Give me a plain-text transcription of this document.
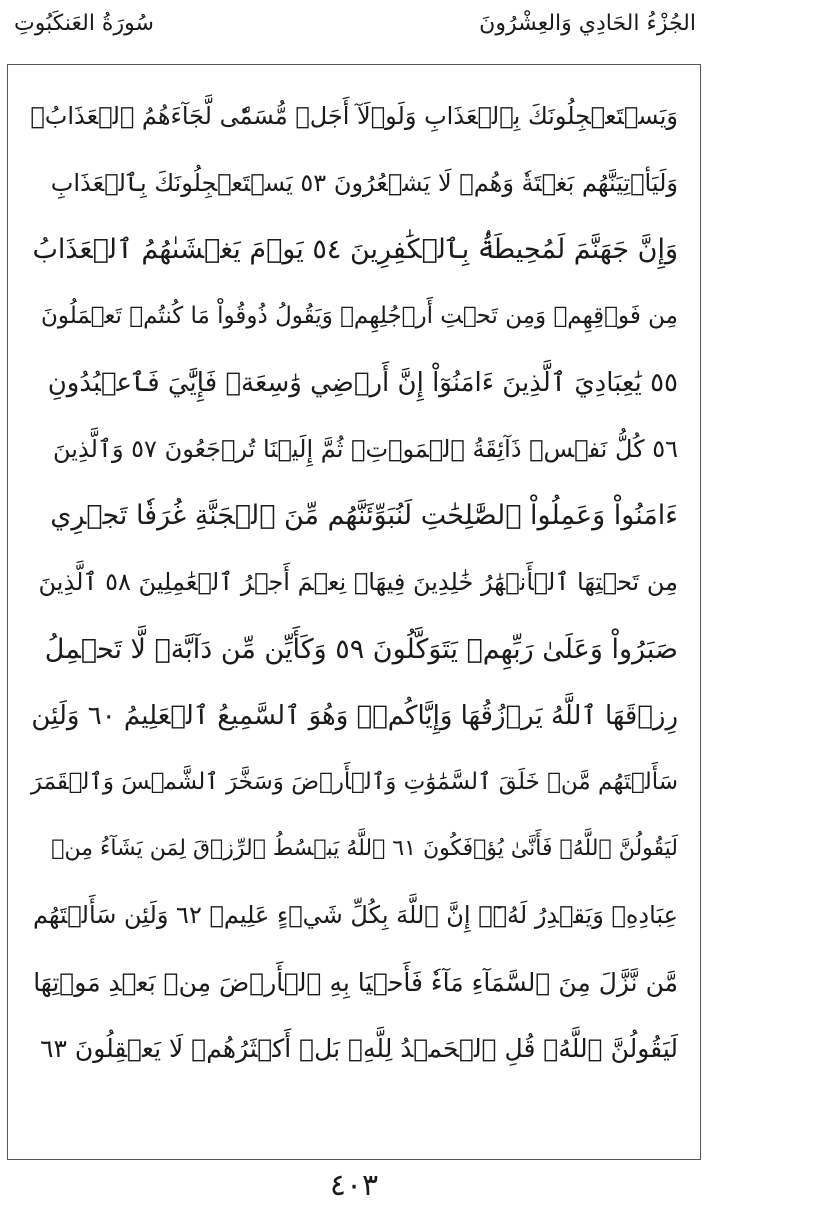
سُورَةُ العَنكَبُوتِ	الجُزْءُ الحَادِي وَالعِشْرُونَ
وَيَسۡتَعۡجِلُونَكَ بِٱلۡعَذَابِ وَلَوۡلَآ أَجَلٞ مُّسَمّٗى لَّجَآءَهُمُ ٱلۡعَذَابُۚ
وَلَيَأۡتِيَنَّهُم بَغۡتَةٗ وَهُمۡ لَا يَشۡعُرُونَ ٥٣ يَسۡتَعۡجِلُونَكَ بِٱلۡعَذَابِ
وَإِنَّ جَهَنَّمَ لَمُحِيطَةُۢ بِٱلۡكَٰفِرِينَ ٥٤ يَوۡمَ يَغۡشَىٰهُمُ ٱلۡعَذَابُ
مِن فَوۡقِهِمۡ وَمِن تَحۡتِ أَرۡجُلِهِمۡ وَيَقُولُ ذُوقُواْ مَا كُنتُمۡ تَعۡمَلُونَ
٥٥ يَٰعِبَادِيَ ٱلَّذِينَ ءَامَنُوٓاْ إِنَّ أَرۡضِي وَٰسِعَةٞ فَإِيَّٰيَ فَٱعۡبُدُونِ
٥٦ كُلُّ نَفۡسٖ ذَآئِقَةُ ٱلۡمَوۡتِۖ ثُمَّ إِلَيۡنَا تُرۡجَعُونَ ٥٧ وَٱلَّذِينَ
ءَامَنُواْ وَعَمِلُواْ ٱلصَّٰلِحَٰتِ لَنُبَوِّئَنَّهُم مِّنَ ٱلۡجَنَّةِ غُرَفٗا تَجۡرِي
مِن تَحۡتِهَا ٱلۡأَنۡهَٰرُ خَٰلِدِينَ فِيهَاۚ نِعۡمَ أَجۡرُ ٱلۡعَٰمِلِينَ ٥٨ ٱلَّذِينَ
صَبَرُواْ وَعَلَىٰ رَبِّهِمۡ يَتَوَكَّلُونَ ٥٩ وَكَأَيِّن مِّن دَآبَّةٖ لَّا تَحۡمِلُ
رِزۡقَهَا ٱللَّهُ يَرۡزُقُهَا وَإِيَّاكُمۡۚ وَهُوَ ٱلسَّمِيعُ ٱلۡعَلِيمُ ٦٠ وَلَئِن
سَأَلۡتَهُم مَّنۡ خَلَقَ ٱلسَّمَٰوَٰتِ وَٱلۡأَرۡضَ وَسَخَّرَ ٱلشَّمۡسَ وَٱلۡقَمَرَ
لَيَقُولُنَّ ٱللَّهُۖ فَأَنَّىٰ يُؤۡفَكُونَ ٦١ ٱللَّهُ يَبۡسُطُ ٱلرِّزۡقَ لِمَن يَشَآءُ مِنۡ
عِبَادِهِۦ وَيَقۡدِرُ لَهُۥٓۚ إِنَّ ٱللَّهَ بِكُلِّ شَيۡءٍ عَلِيمٞ ٦٢ وَلَئِن سَأَلۡتَهُم
مَّن نَّزَّلَ مِنَ ٱلسَّمَآءِ مَآءٗ فَأَحۡيَا بِهِ ٱلۡأَرۡضَ مِنۢ بَعۡدِ مَوۡتِهَا
لَيَقُولُنَّ ٱللَّهُۚ قُلِ ٱلۡحَمۡدُ لِلَّهِۚ بَلۡ أَكۡثَرُهُمۡ لَا يَعۡقِلُونَ ٦٣
٤٠٣
